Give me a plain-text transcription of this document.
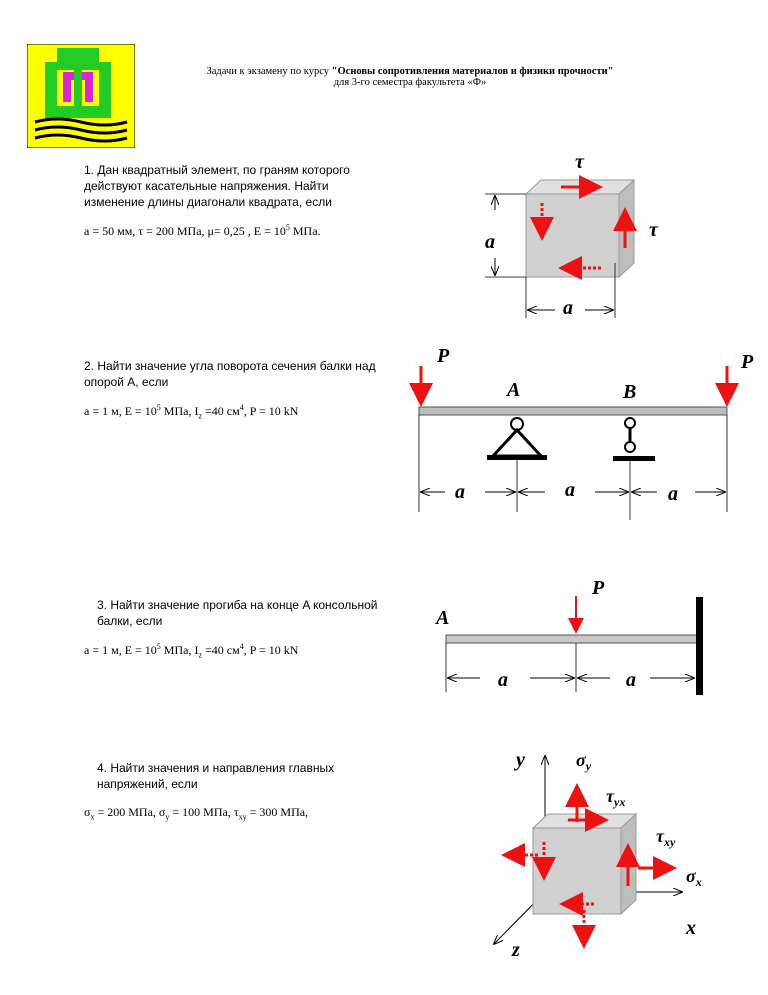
Задачи к экзамену по курсу "Основы сопротивления материалов и физики прочности"
для 3-го семестра факультета «Ф»
1. Дан квадратный элемент, по граням которого действуют касательные напряжения. Найти изменение длины диагонали квадрата, если
a = 50 мм, τ = 200 МПа, μ= 0,25 , $E = 10^5$ МПа.
τ
τ
a
a
2. Найти значение угла поворота сечения балки над опорой A, если
a = 1 м, $E = 10^5$ МПа, $I_z =40$ $см^4$, P = 10 kN
P	P
A	B
a	a	a
3. Найти значение прогиба на конце A консольной балки, если
a = 1 м, $E = 10^5$ МПа, $I_z =40$ $см^4$, P = 10 kN
P
A
a	a
4. Найти значения и направления главных напряжений, если
$\sigma_x = 200$ МПа, $\sigma_y = 100$ МПа, $\tau_{xy} = 300$ МПа,
y
x
z
$\sigma_y$
$\tau_{yx}$
$\tau_{xy}$
$\sigma_x$
